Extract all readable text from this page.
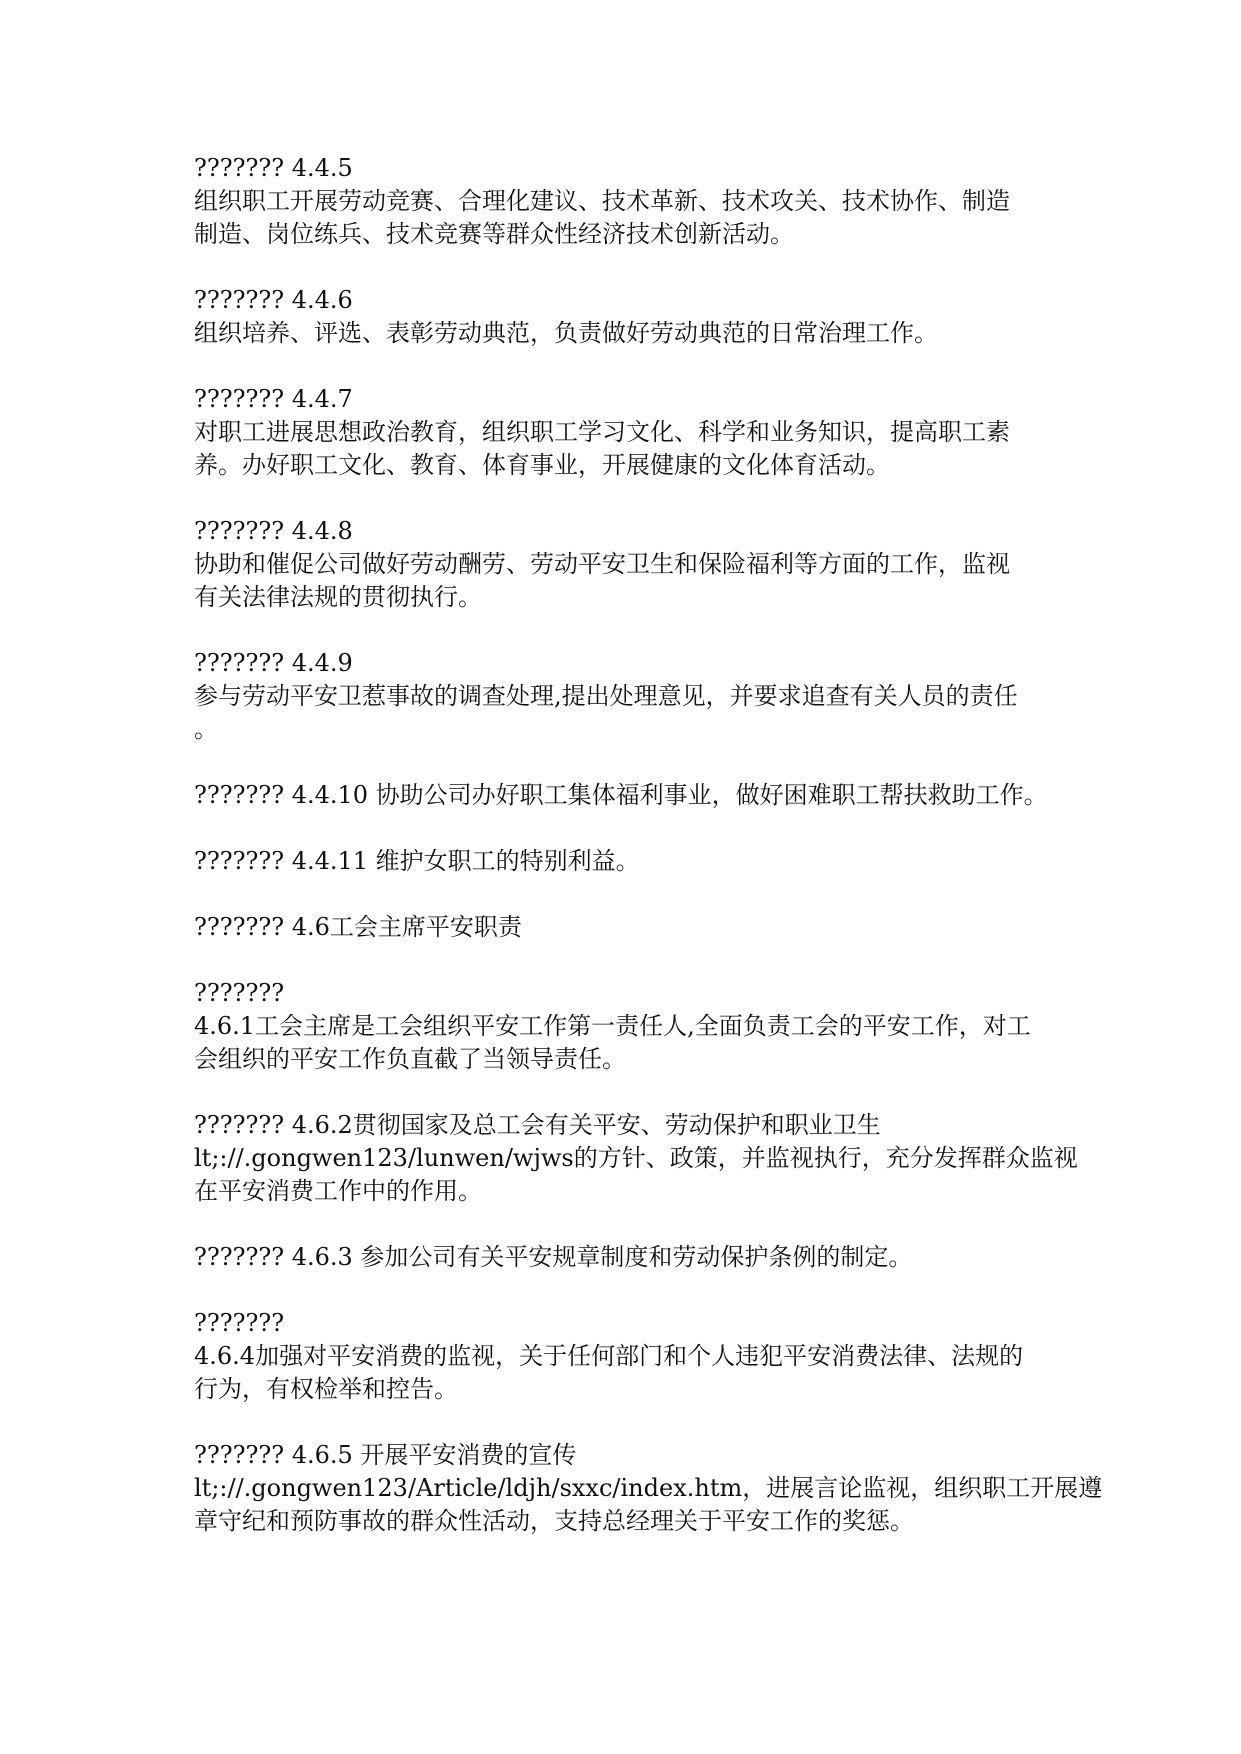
??????? 4.4.5
组织职工开展劳动竞赛、合理化建议、技术革新、技术攻关、技术协作、制造
制造、岗位练兵、技术竞赛等群众性经济技术创新活动。
??????? 4.4.6
组织培养、评选、表彰劳动典范，负责做好劳动典范的日常治理工作。
??????? 4.4.7
对职工进展思想政治教育，组织职工学习文化、科学和业务知识，提高职工素
养。办好职工文化、教育、体育事业，开展健康的文化体育活动。
??????? 4.4.8
协助和催促公司做好劳动酬劳、劳动平安卫生和保险福利等方面的工作，监视
有关法律法规的贯彻执行。
??????? 4.4.9
参与劳动平安卫惹事故的调查处理,提出处理意见，并要求追查有关人员的责任
。
??????? 4.4.10 协助公司办好职工集体福利事业，做好困难职工帮扶救助工作。
??????? 4.4.11 维护女职工的特别利益。
??????? 4.6工会主席平安职责
???????
4.6.1工会主席是工会组织平安工作第一责任人,全面负责工会的平安工作，对工
会组织的平安工作负直截了当领导责任。
??????? 4.6.2贯彻国家及总工会有关平安、劳动保护和职业卫生
lt;://.gongwen123/lunwen/wjws的方针、政策，并监视执行，充分发挥群众监视
在平安消费工作中的作用。
??????? 4.6.3 参加公司有关平安规章制度和劳动保护条例的制定。
???????
4.6.4加强对平安消费的监视，关于任何部门和个人违犯平安消费法律、法规的
行为，有权检举和控告。
??????? 4.6.5 开展平安消费的宣传
lt;://.gongwen123/Article/ldjh/sxxc/index.htm，进展言论监视，组织职工开展遵
章守纪和预防事故的群众性活动，支持总经理关于平安工作的奖惩。
